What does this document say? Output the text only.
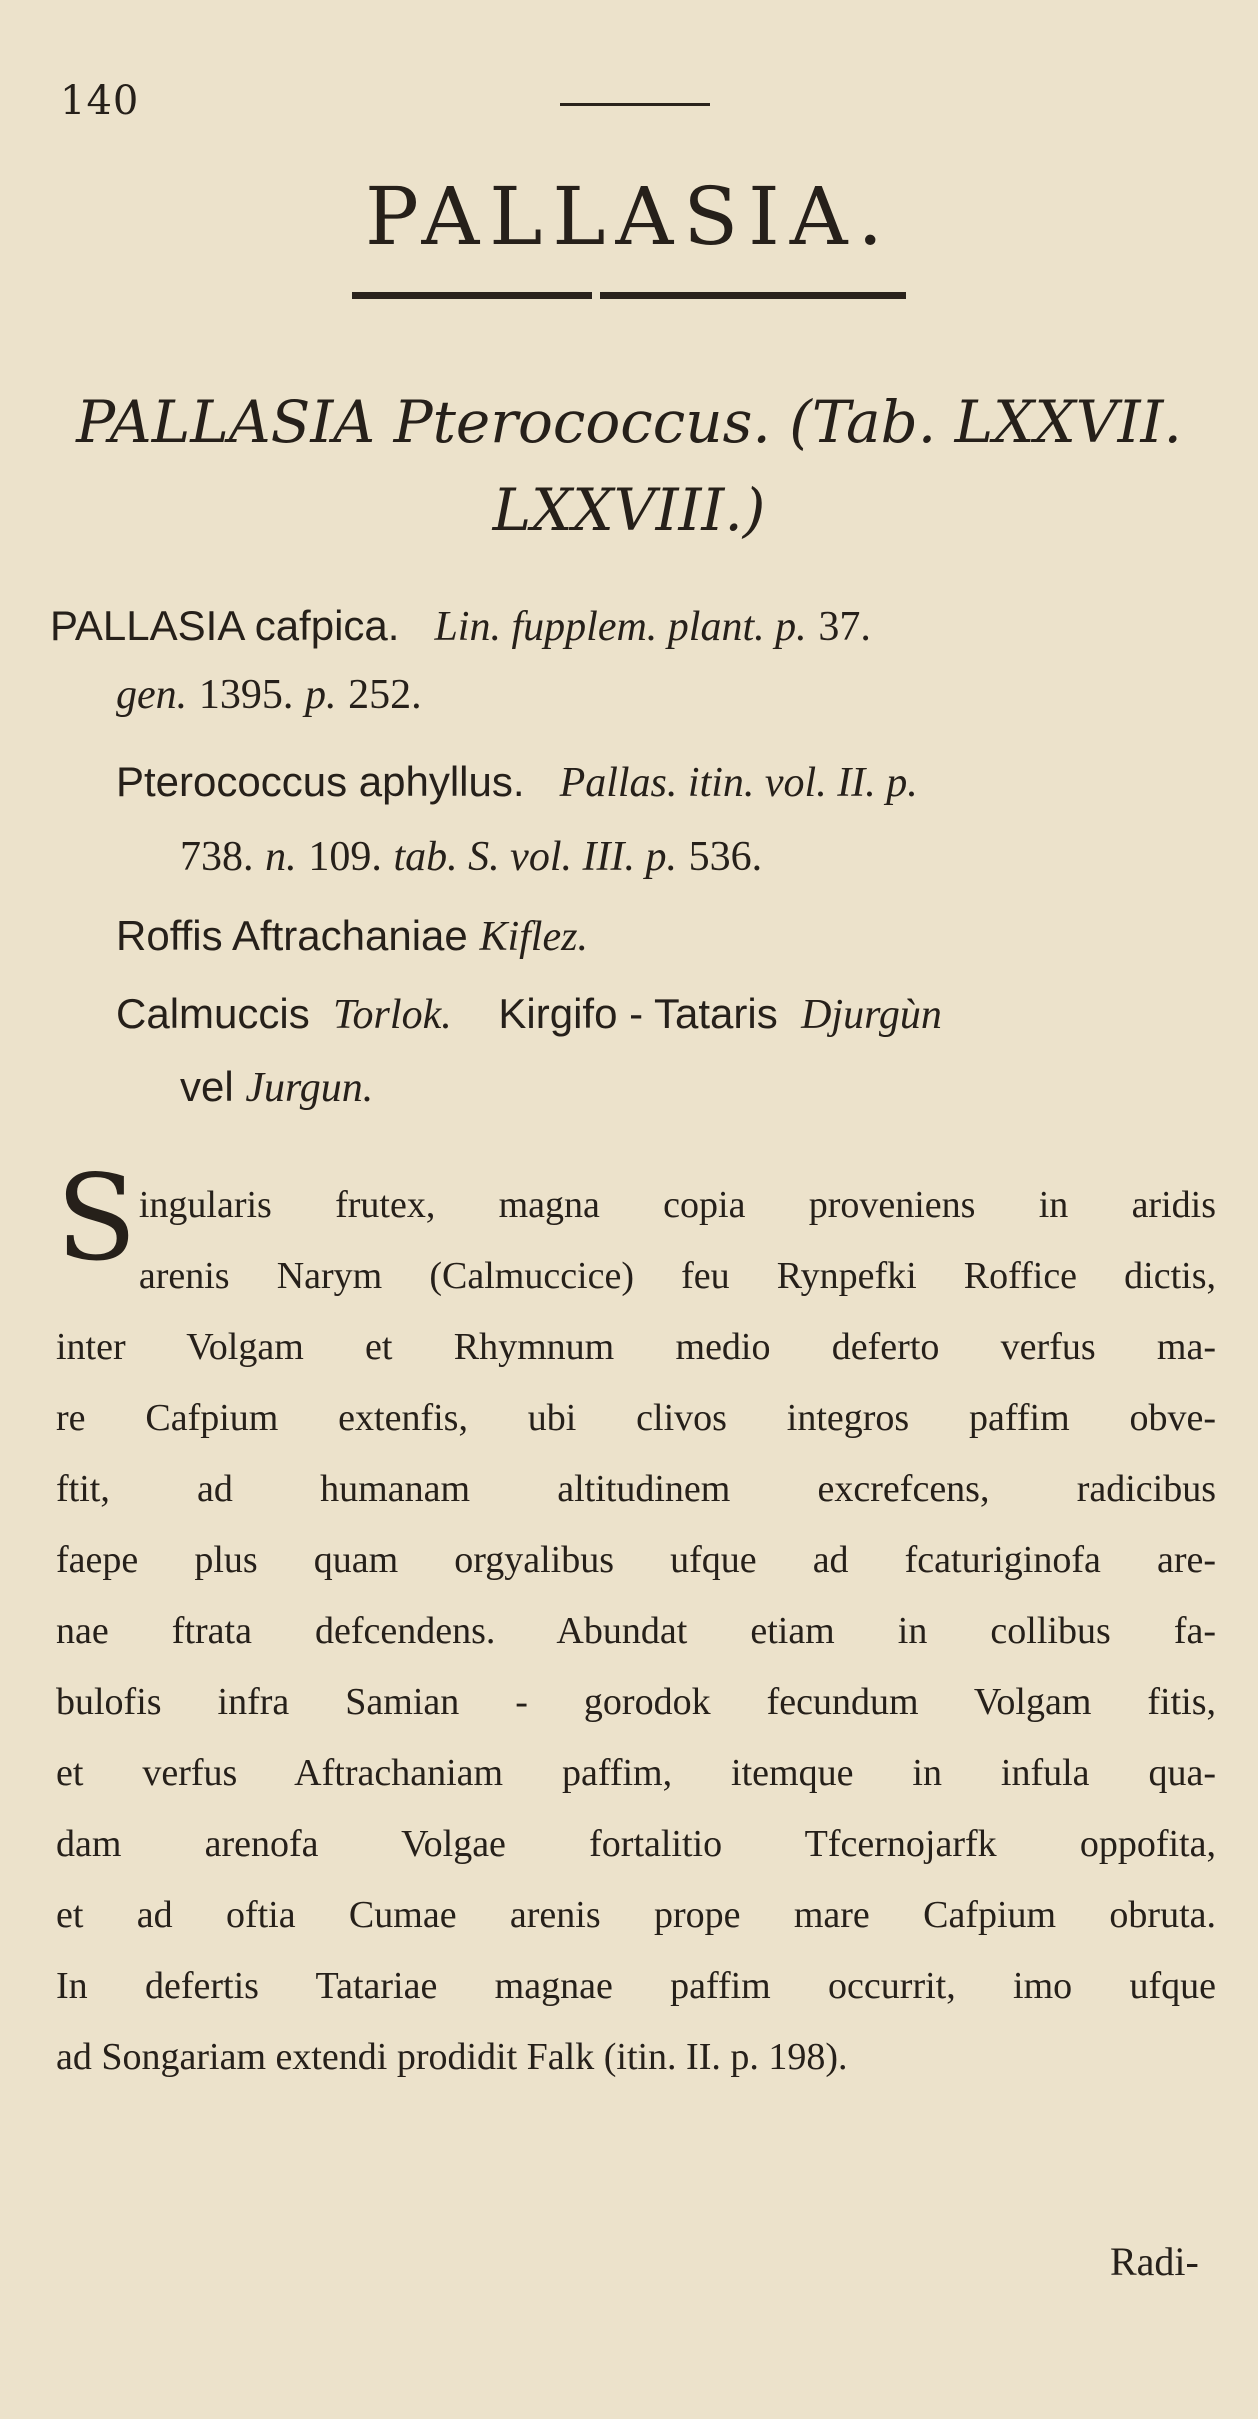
140
PALLASIA.
PALLASIA Pterococcus. (Tab. LXXVII.
LXXVIII.)
PALLASIA cafpica. Lin. fupplem. plant. p. 37.
gen. 1395. p. 252.
Pterococcus aphyllus. Pallas. itin. vol. II. p.
738. n. 109. tab. S. vol. III. p. 536.
Roffis Aftrachaniae Kiflez.
Calmuccis Torlok. Kirgifo - Tataris Djurgùn
vel Jurgun.
S ingularis frutex, magna copia proveniens in aridis
arenis Narym (Calmuccice) feu Rynpefki Roffice dictis,
inter Volgam et Rhymnum medio deferto verfus ma-
re Cafpium extenfis, ubi clivos integros paffim obve-
ftit, ad humanam altitudinem excrefcens, radicibus
faepe plus quam orgyalibus ufque ad fcaturiginofa are-
nae ftrata defcendens. Abundat etiam in collibus fa-
bulofis infra Samian - gorodok fecundum Volgam fitis,
et verfus Aftrachaniam paffim, itemque in infula qua-
dam arenofa Volgae fortalitio Tfcernojarfk oppofita,
et ad oftia Cumae arenis prope mare Cafpium obruta.
In defertis Tatariae magnae paffim occurrit, imo ufque
ad Songariam extendi prodidit Falk (itin. II. p. 198).
Radi-
